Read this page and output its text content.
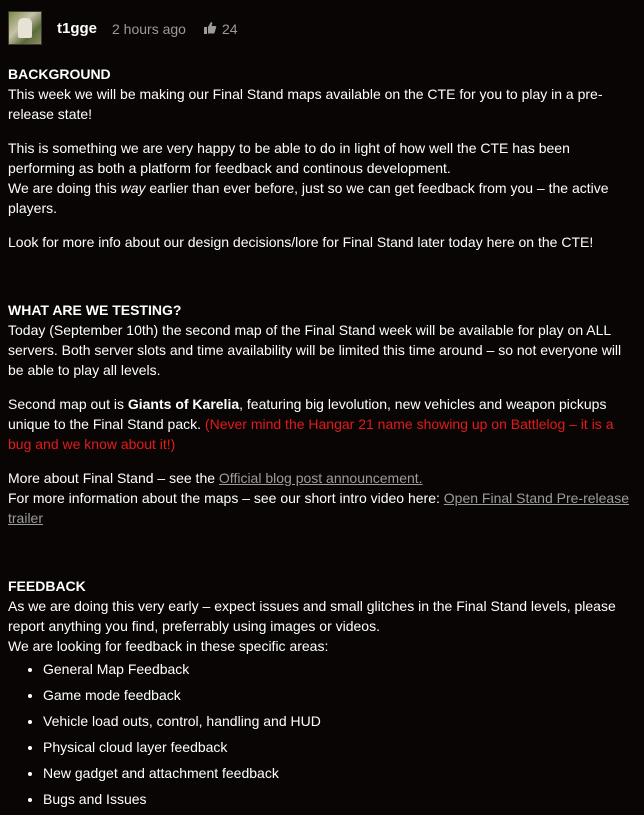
t1gge 2 hours ago	24
BACKGROUND

This week we will be making our Final Stand maps available on the CTE for you to play in a pre-release state!

This is something we are very happy to be able to do in light of how well the CTE has been performing as both a platform for feedback and continous development.
We are doing this way earlier than ever before, just so we can get feedback from you – the active players.

Look for more info about our design decisions/lore for Final Stand later today here on the CTE!

WHAT ARE WE TESTING?

Today (September 10th) the second map of the Final Stand week will be available for play on ALL servers. Both server slots and time availability will be limited this time around – so not everyone will be able to play all levels.

Second map out is Giants of Karelia, featuring big levolution, new vehicles and weapon pickups unique to the Final Stand pack. (Never mind the Hangar 21 name showing up on Battlelog – it is a bug and we know about it!)

More about Final Stand – see the Official blog post announcement.
For more information about the maps – see our short intro video here: Open Final Stand Pre-release trailer

FEEDBACK
As we are doing this very early – expect issues and small glitches in the Final Stand levels, please report anything you find, preferrably using images or videos.
We are looking for feedback in these specific areas:
• General Map Feedback
• Game mode feedback
• Vehicle load outs, control, handling and HUD
• Physical cloud layer feedback
• New gadget and attachment feedback
• Bugs and Issues
